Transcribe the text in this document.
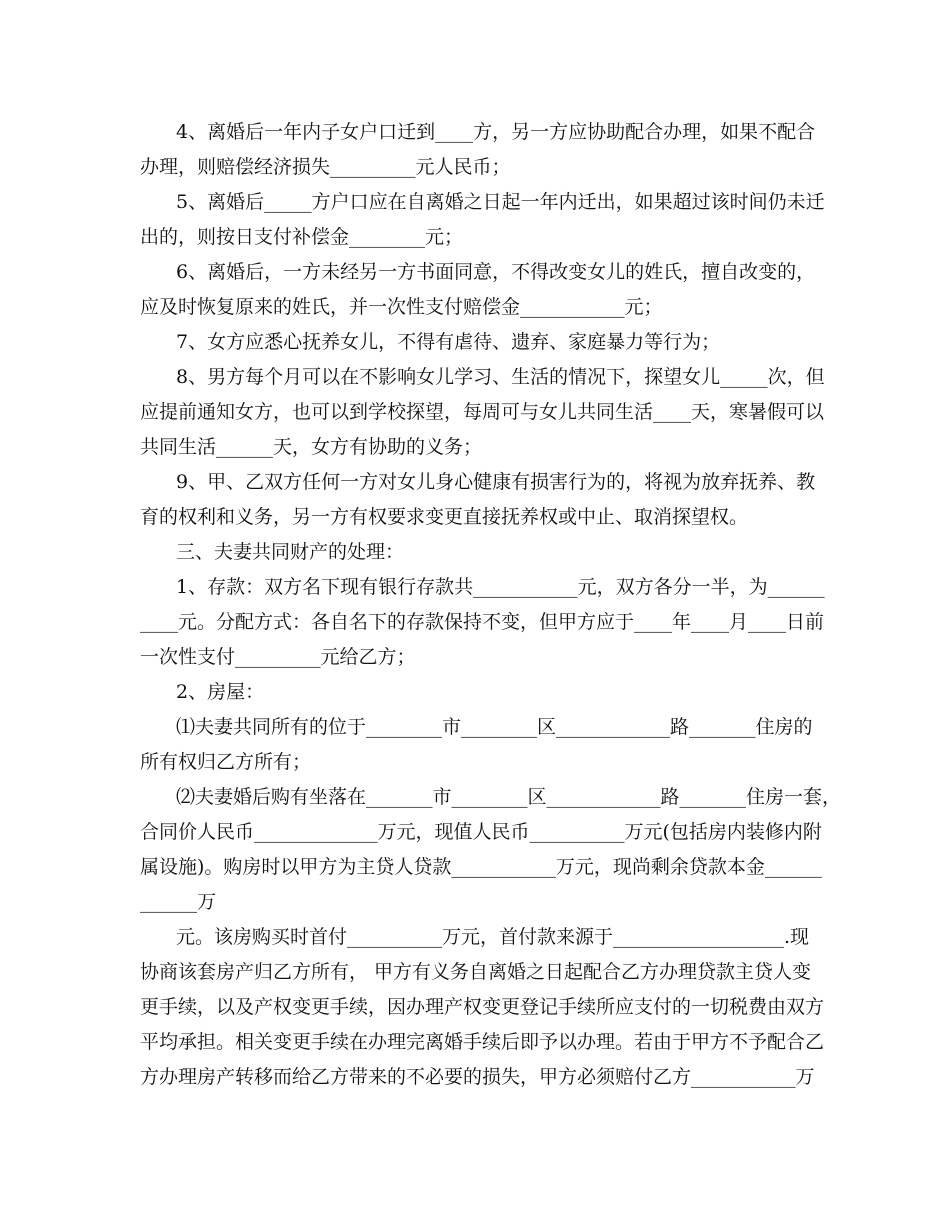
4、离婚后一年内子女户口迁到____方，另一方应协助配合办理，如果不配合
办理，则赔偿经济损失_________元人民币；
5、离婚后_____方户口应在自离婚之日起一年内迁出，如果超过该时间仍未迁
出的，则按日支付补偿金________元；
6、离婚后，一方未经另一方书面同意，不得改变女儿的姓氏，擅自改变的，
应及时恢复原来的姓氏，并一次性支付赔偿金___________元；
7、女方应悉心抚养女儿，不得有虐待、遗弃、家庭暴力等行为；
8、男方每个月可以在不影响女儿学习、生活的情况下，探望女儿_____次，但
应提前通知女方，也可以到学校探望，每周可与女儿共同生活____天，寒暑假可以
共同生活______天，女方有协助的义务；
9、甲、乙双方任何一方对女儿身心健康有损害行为的，将视为放弃抚养、教
育的权利和义务，另一方有权要求变更直接抚养权或中止、取消探望权。
三、夫妻共同财产的处理：
1、存款：双方名下现有银行存款共___________元，双方各分一半，为______
____元。分配方式：各自名下的存款保持不变，但甲方应于____年____月____日前
一次性支付_________元给乙方；
2、房屋：
⑴夫妻共同所有的位于________市________区____________路_______住房的
所有权归乙方所有；
⑵夫妻婚后购有坐落在_______市________区____________路_______住房一套，
合同价人民币_____________万元，现值人民币__________万元(包括房内装修内附
属设施)。购房时以甲方为主贷人贷款___________万元，现尚剩余贷款本金______
______万
元。该房购买时首付__________万元，首付款来源于__________________.现
协商该套房产归乙方所有， 甲方有义务自离婚之日起配合乙方办理贷款主贷人变
更手续，以及产权变更手续，因办理产权变更登记手续所应支付的一切税费由双方
平均承担。相关变更手续在办理完离婚手续后即予以办理。若由于甲方不予配合乙
方办理房产转移而给乙方带来的不必要的损失，甲方必须赔付乙方___________万
